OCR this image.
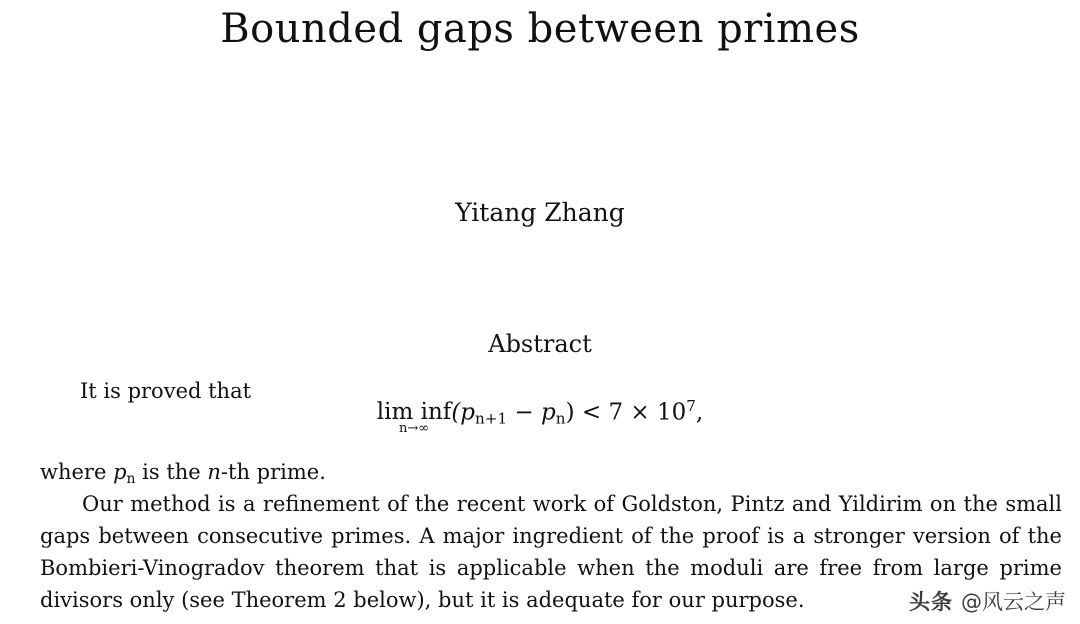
Bounded gaps between primes
Yitang Zhang
Abstract
It is proved that
lim inf
n→∞
$(p_{n+1} - p_n) < 7 \times 10^7$,
where $p_n$ is the n-th prime.
Our method is a refinement of the recent work of Goldston, Pintz and Yildirim on the small gaps between consecutive primes. A major ingredient of the proof is a stronger version of the Bombieri-Vinogradov theorem that is applicable when the moduli are free from large prime divisors only (see Theorem 2 below), but it is adequate for our purpose.	头条 @风云之声
